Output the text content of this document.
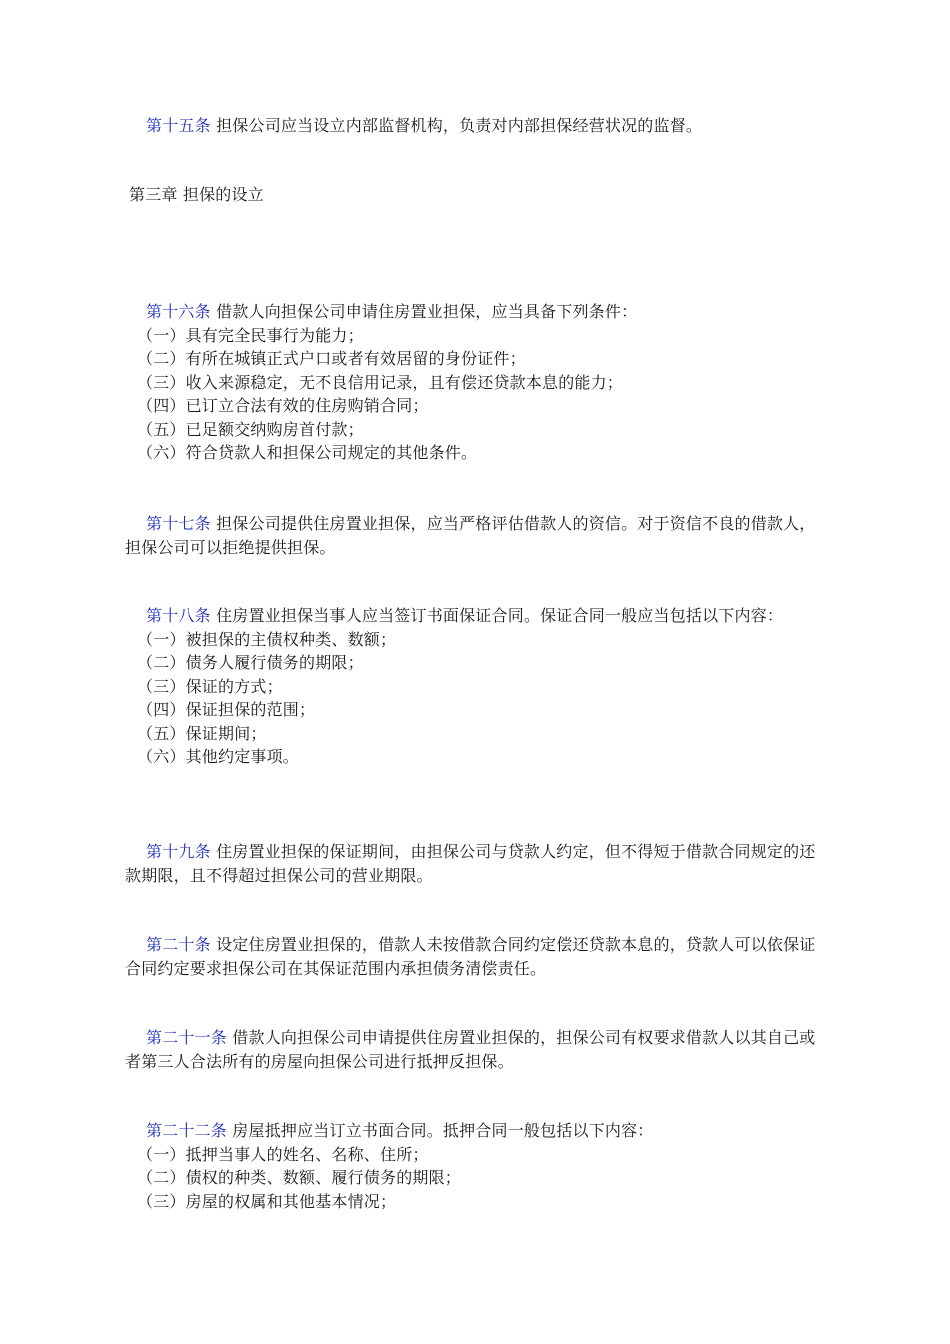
第十五条 担保公司应当设立内部监督机构，负责对内部担保经营状况的监督。

第三章 担保的设立

第十六条 借款人向担保公司申请住房置业担保，应当具备下列条件：

（一）具有完全民事行为能力；
（二）有所在城镇正式户口或者有效居留的身份证件；
（三）收入来源稳定，无不良信用记录，且有偿还贷款本息的能力；
（四）已订立合法有效的住房购销合同；
（五）已足额交纳购房首付款；
（六）符合贷款人和担保公司规定的其他条件。

第十七条 担保公司提供住房置业担保，应当严格评估借款人的资信。对于资信不良的借款人，担保公司可以拒绝提供担保。

第十八条 住房置业担保当事人应当签订书面保证合同。保证合同一般应当包括以下内容：

（一）被担保的主债权种类、数额；
（二）债务人履行债务的期限；
（三）保证的方式；
（四）保证担保的范围；
（五）保证期间；
（六）其他约定事项。

第十九条 住房置业担保的保证期间，由担保公司与贷款人约定，但不得短于借款合同规定的还款期限，且不得超过担保公司的营业期限。

第二十条 设定住房置业担保的，借款人未按借款合同约定偿还贷款本息的，贷款人可以依保证合同约定要求担保公司在其保证范围内承担债务清偿责任。

第二十一条 借款人向担保公司申请提供住房置业担保的，担保公司有权要求借款人以其自己或者第三人合法所有的房屋向担保公司进行抵押反担保。

第二十二条 房屋抵押应当订立书面合同。抵押合同一般包括以下内容：

（一）抵押当事人的姓名、名称、住所；
（二）债权的种类、数额、履行债务的期限；
（三）房屋的权属和其他基本情况；
